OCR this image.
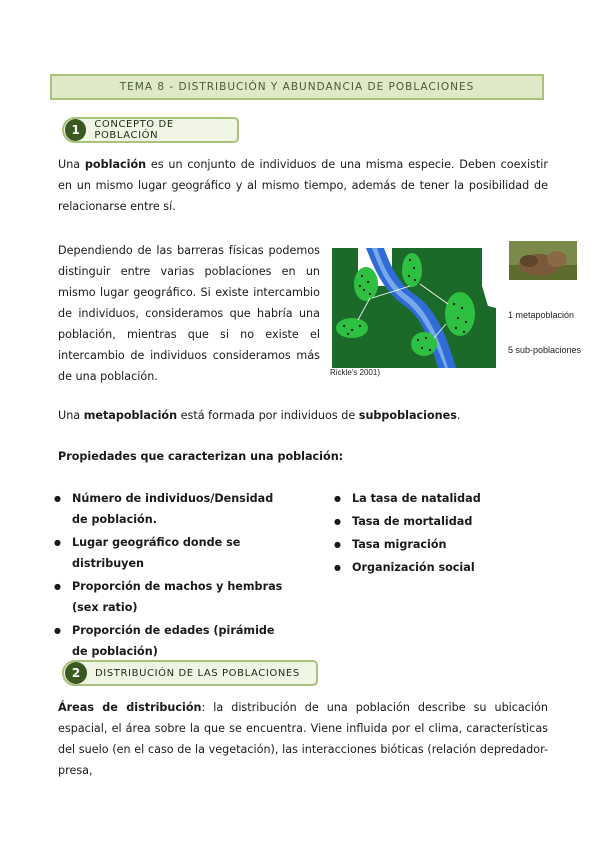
TEMA 8 - DISTRIBUCIÓN Y ABUNDANCIA DE POBLACIONES
1	CONCEPTO DE POBLACIÓN
Una población es un conjunto de individuos de una misma especie. Deben coexistir en un mismo lugar geográfico y al mismo tiempo, además de tener la posibilidad de relacionarse entre sí.
Dependiendo de las barreras físicas podemos distinguir entre varias poblaciones en un mismo lugar geográfico. Si existe intercambio de individuos, consideramos que habría una población, mientras que si no existe el intercambio de individuos consideramos más de una población.
1 metapoblación
5 sub-poblaciones
Rickle's 2001)
Una metapoblación está formada por individuos de subpoblaciones.
Propiedades que caracterizan una población:
● Número de individuos/Densidad de población.
● Lugar geográfico donde se distribuyen
● Proporción de machos y hembras (sex ratio)
● Proporción de edades (pirámide de población)
● La tasa de natalidad
● Tasa de mortalidad
● Tasa migración
● Organización social
2	DISTRIBUCIÓN DE LAS POBLACIONES
Áreas de distribución: la distribución de una población describe su ubicación espacial, el área sobre la que se encuentra. Viene influida por el clima, características del suelo (en el caso de la vegetación), las interacciones bióticas (relación depredador-presa,
